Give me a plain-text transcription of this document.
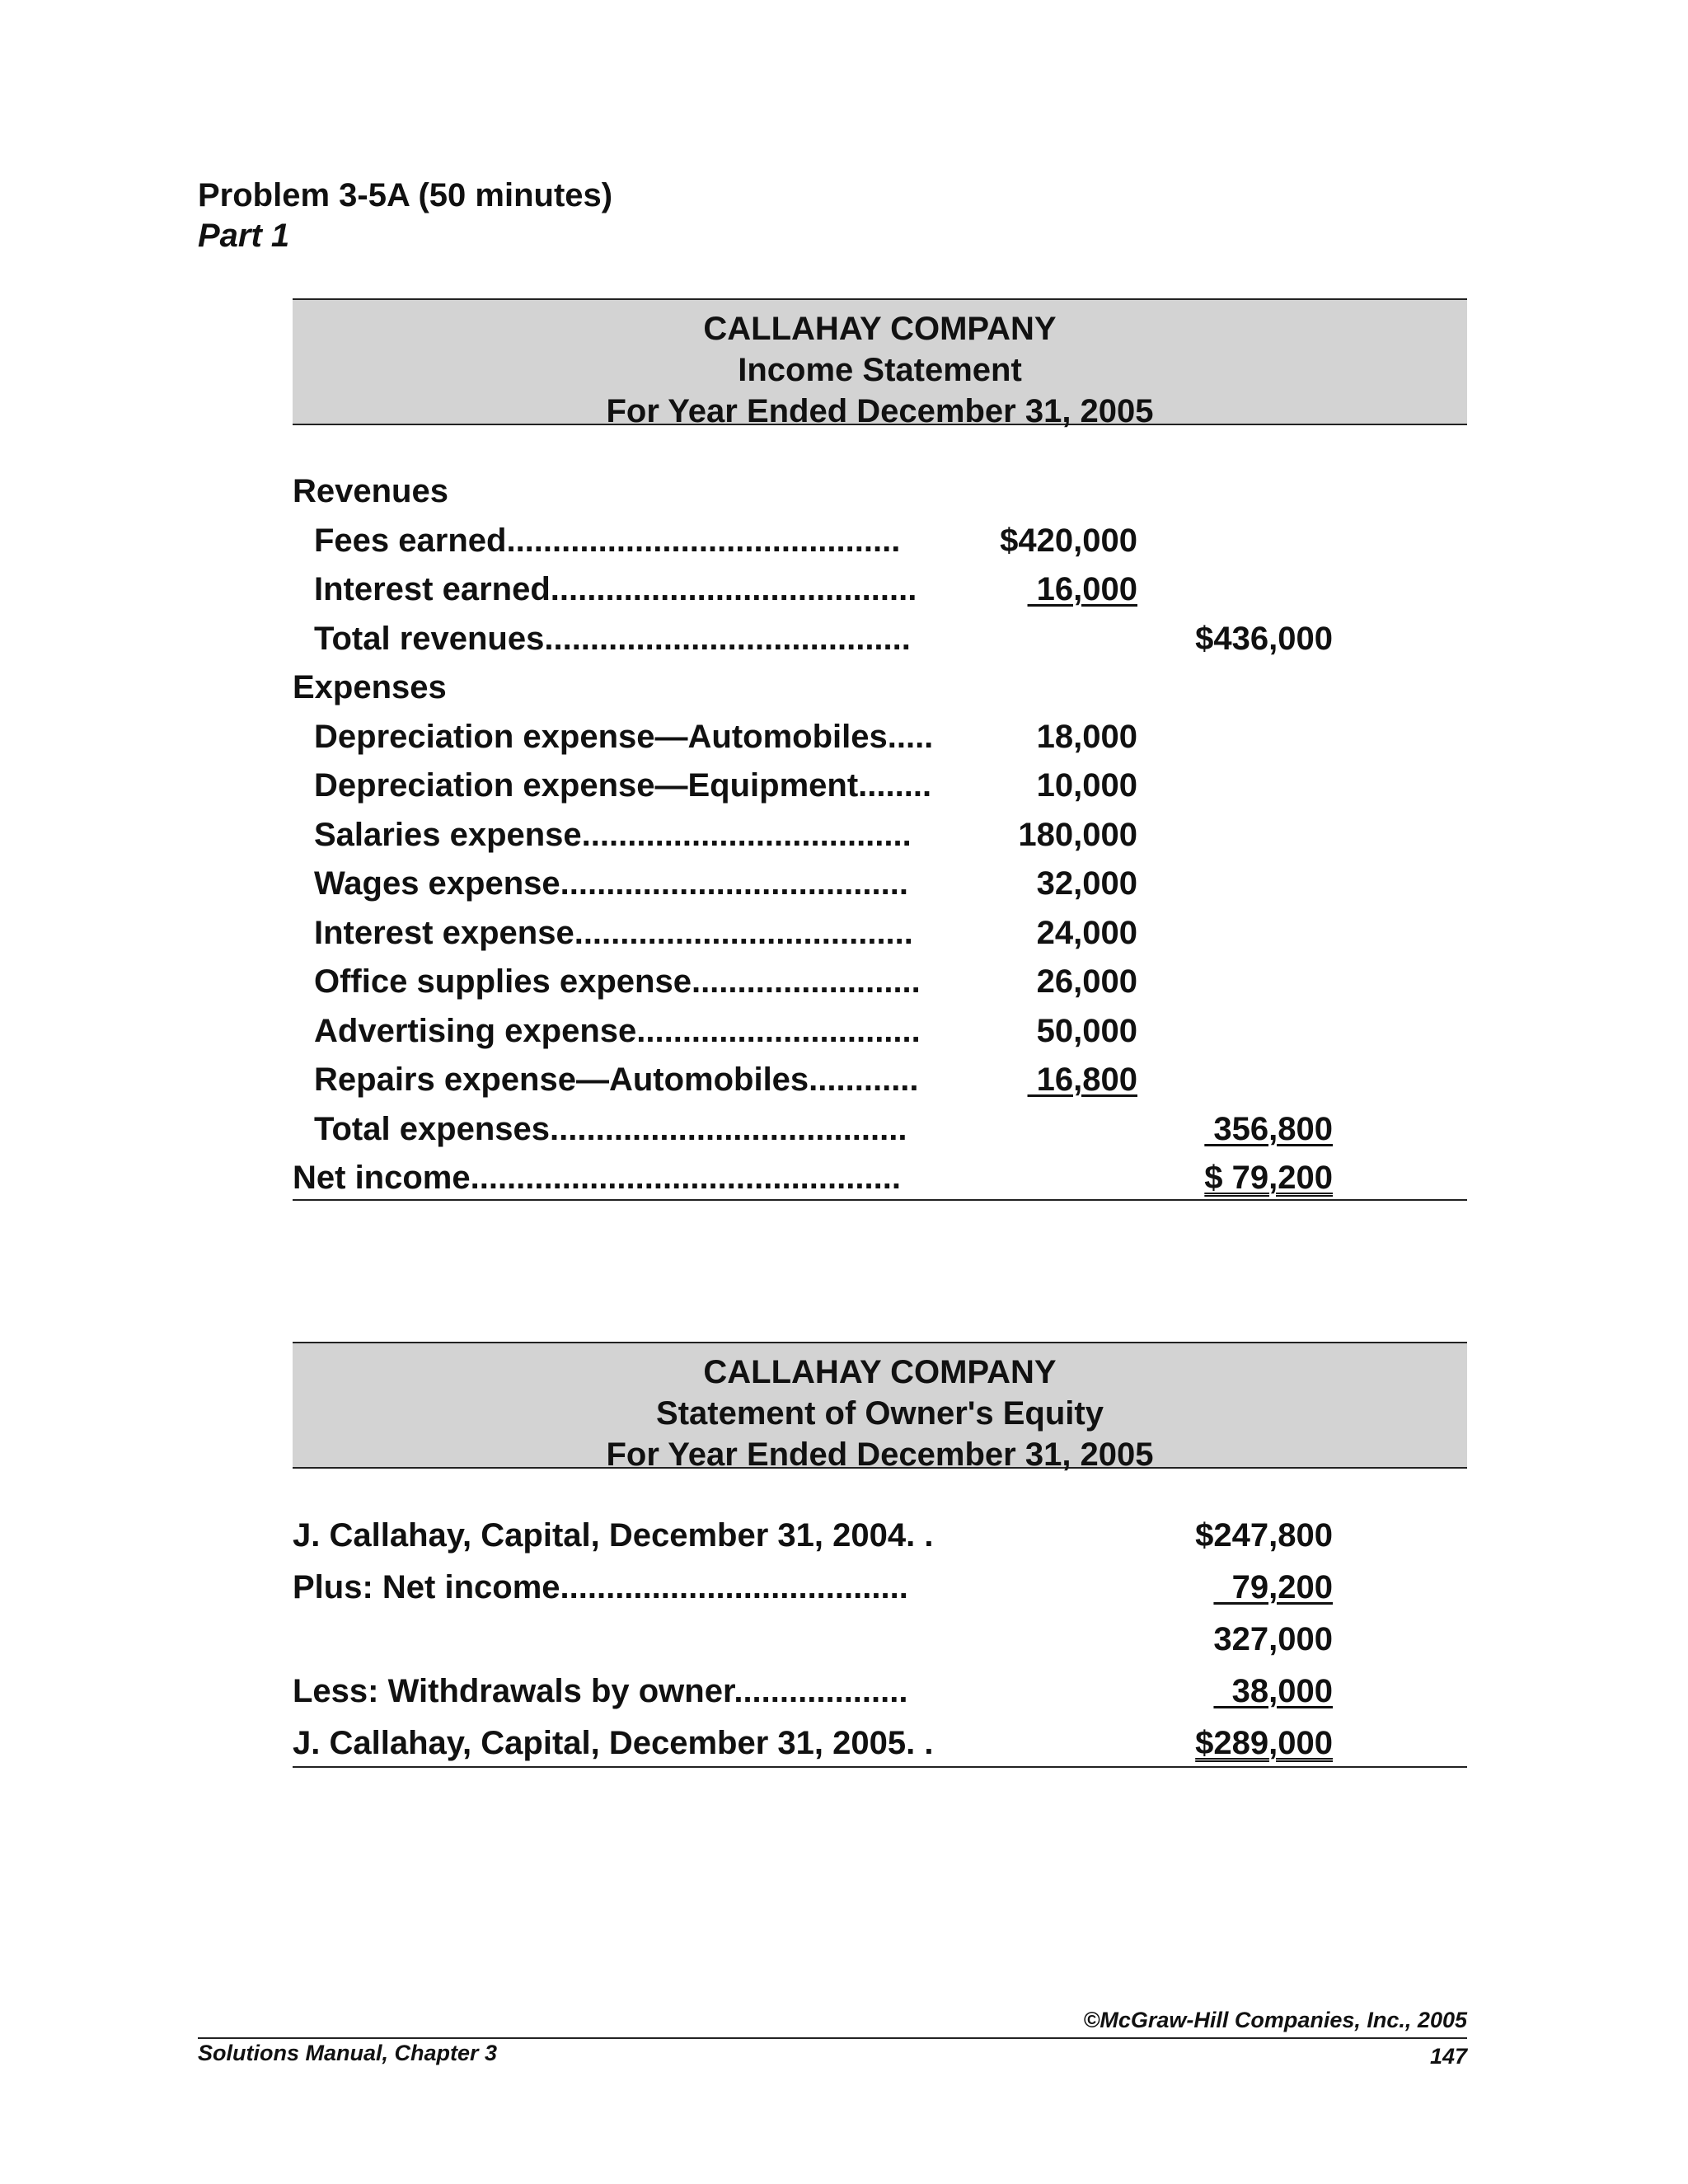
Problem 3-5A (50 minutes)
Part 1
CALLAHAY COMPANY
Income Statement
For Year Ended December 31, 2005
Revenues
Fees earned...........................................	$420,000
Interest earned........................................	16,000
Total revenues........................................	$436,000
Expenses
Depreciation expense—Automobiles.....	18,000
Depreciation expense—Equipment........	10,000
Salaries expense....................................	180,000
Wages expense......................................	32,000
Interest expense.....................................	24,000
Office supplies expense.........................	26,000
Advertising expense...............................	50,000
Repairs expense—Automobiles............	16,800
Total expenses.......................................	356,800
Net income...............................................	$ 79,200
CALLAHAY COMPANY
Statement of Owner's Equity
For Year Ended December 31, 2005
J. Callahay, Capital, December 31, 2004. .	$247,800
Plus: Net income......................................	79,200
327,000
Less: Withdrawals by owner...................	38,000
J. Callahay, Capital, December 31, 2005. .	$289,000
©McGraw-Hill Companies, Inc., 2005
Solutions Manual, Chapter 3	147
